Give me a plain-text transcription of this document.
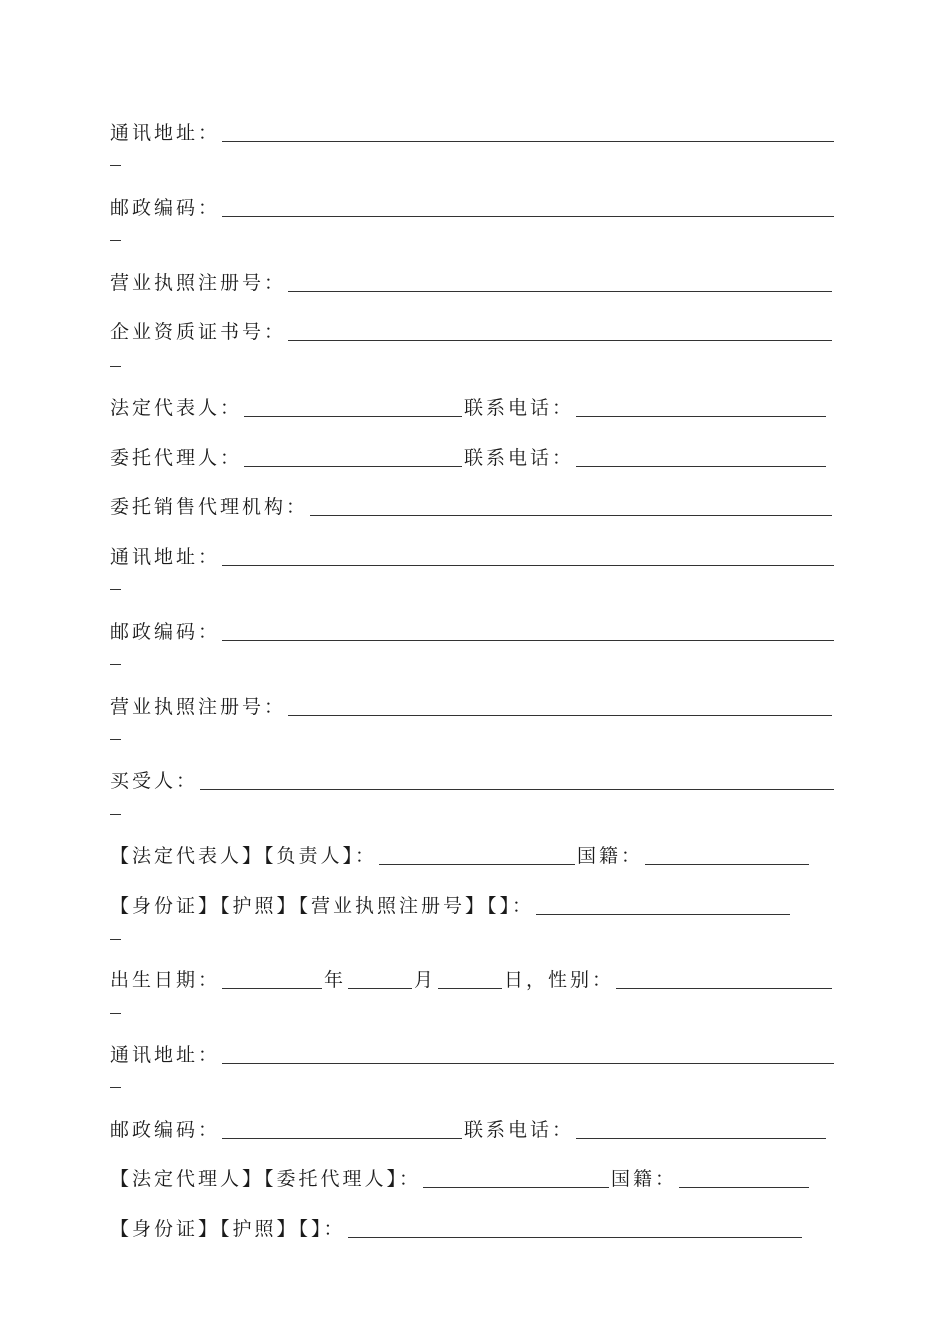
通讯地址：
邮政编码：
营业执照注册号：
企业资质证书号：
法定代表人：	联系电话：
委托代理人：	联系电话：
委托销售代理机构：
通讯地址：
邮政编码：
营业执照注册号：
买受人：
【法定代表人】【负责人】：	国籍：
【身份证】【护照】【营业执照注册号】【】：
出生日期：	年	月	日，性别：
通讯地址：
邮政编码：	联系电话：
【法定代理人】【委托代理人】：	国籍：
【身份证】【护照】【】：
